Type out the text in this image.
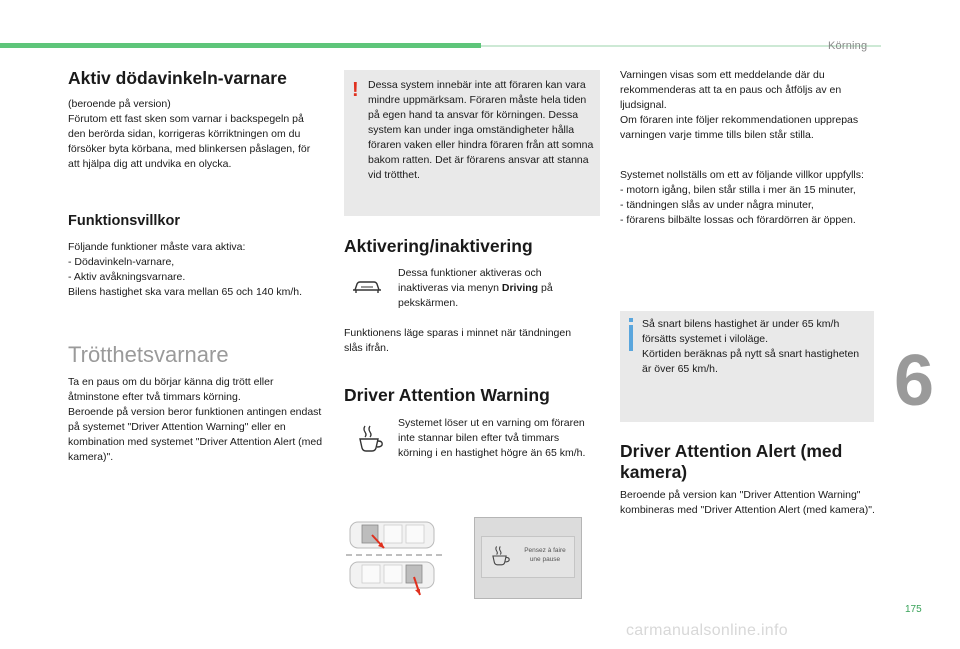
Körning
6
175
carmanualsonline.info
Aktiv dödavinkeln-varnare

(beroende på version)

Förutom ett fast sken som varnar i backspegeln på den berörda sidan, korrigeras körriktningen om du försöker byta körbana, med blinkersen påslagen, för att hjälpa dig att undvika en olycka.

Funktionsvillkor

Följande funktioner måste vara aktiva:

- Dödavinkeln-varnare,

- Aktiv avåkningsvarnare.

Bilens hastighet ska vara mellan 65 och 140 km/h.

Trötthetsvarnare

Ta en paus om du börjar känna dig trött eller åtminstone efter två timmars körning.

Beroende på version beror funktionen antingen endast på systemet "Driver Attention Warning" eller en kombination med systemet "Driver Attention Alert (med kamera)".

! Dessa system innebär inte att föraren kan vara mindre uppmärksam. Föraren måste hela tiden på egen hand ta ansvar för körningen. Dessa system kan under inga omständigheter hålla föraren vaken eller hindra föraren från att somna bakom ratten. Det är förarens ansvar att stanna vid trötthet.
Aktivering/inaktivering
Dessa funktioner aktiveras och inaktiveras via menyn Driving på pekskärmen.
Funktionens läge sparas i minnet när tändningen slås ifrån.
Driver Attention Warning
Systemet löser ut en varning om föraren inte stannar bilen efter två timmars körning i en hastighet högre än 65 km/h.
Pensez à faire une pause

Varningen visas som ett meddelande där du rekommenderas att ta en paus och åtföljs av en ljudsignal.

Om föraren inte följer rekommendationen upprepas varningen varje timme tills bilen står stilla.

Systemet nollställs om ett av följande villkor uppfylls:

- motorn igång, bilen står stilla i mer än 15 minuter,

- tändningen slås av under några minuter,

- förarens bilbälte lossas och förardörren är öppen.

Så snart bilens hastighet är under 65 km/h försätts systemet i viloläge.

Körtiden beräknas på nytt så snart hastigheten är över 65 km/h.

Driver Attention Alert (med kamera)
Beroende på version kan "Driver Attention Warning" kombineras med "Driver Attention Alert (med kamera)".
